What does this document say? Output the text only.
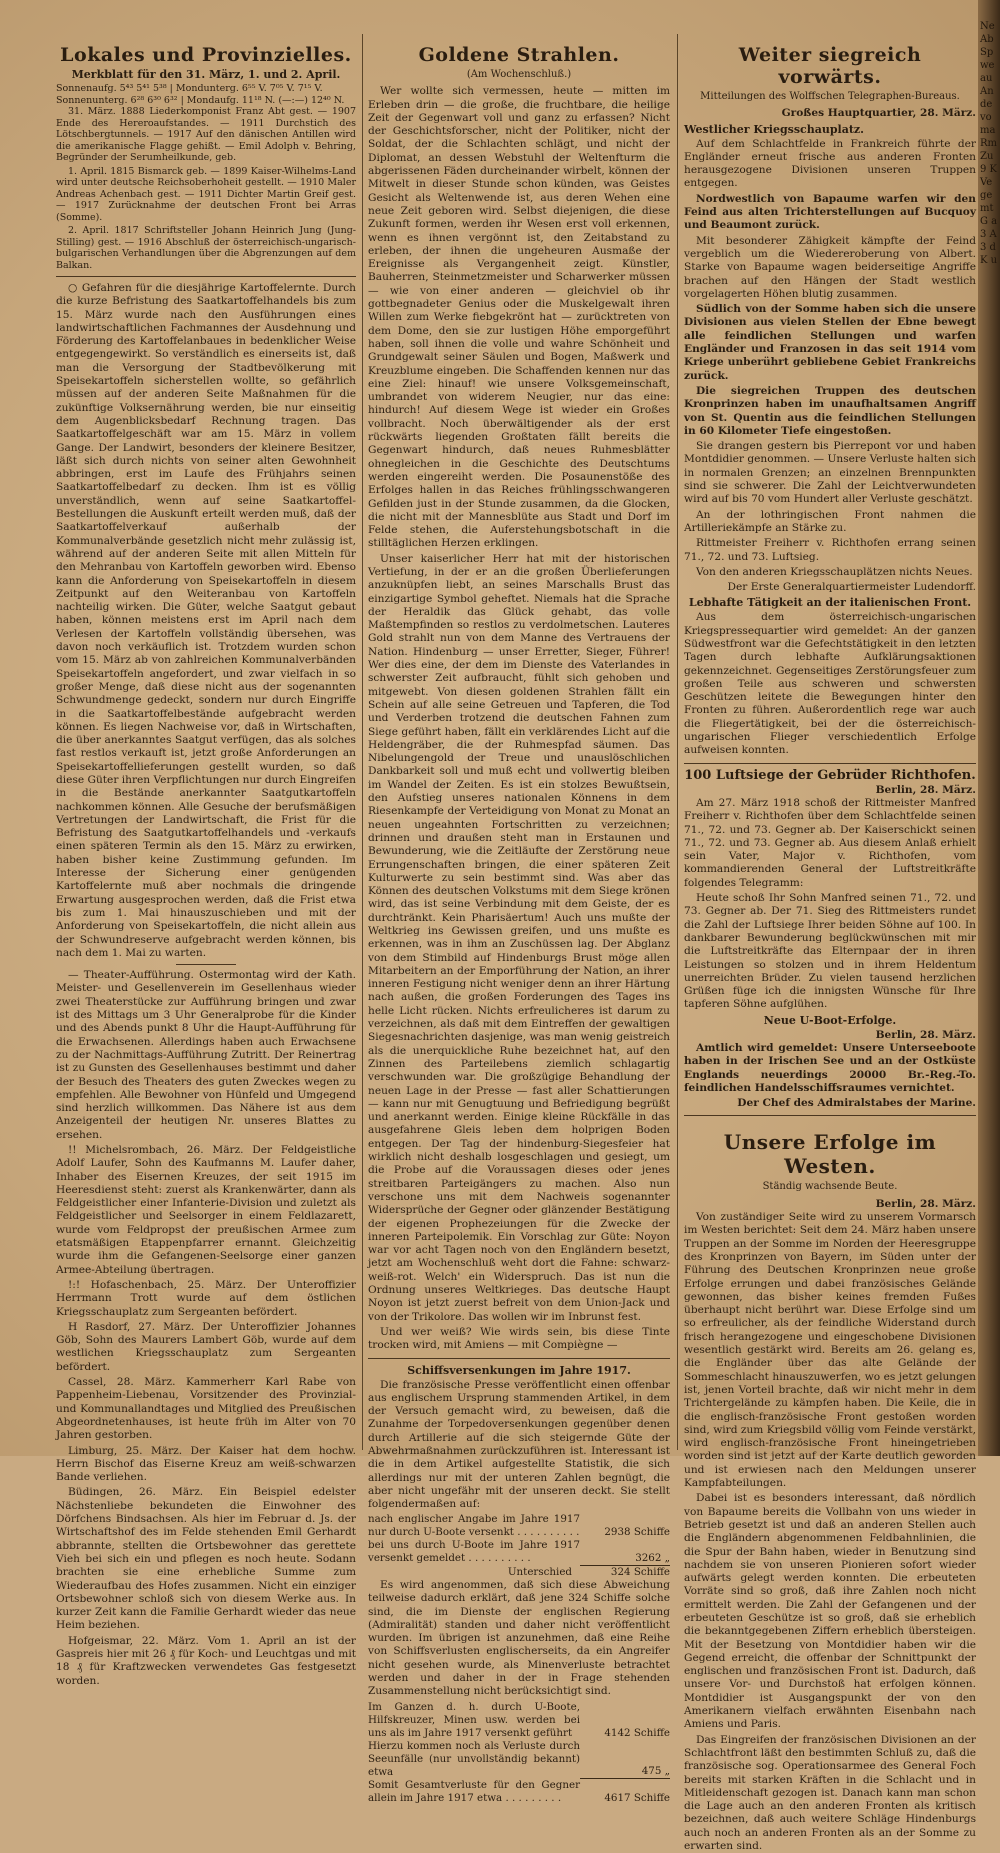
Lokales und Provinzielles.
Merkblatt für den 31. März, 1. und 2. April.
Sonnenaufg. 5⁴³ 5⁴¹ 5³⁸ | Mondunterg. 6⁵⁵ V. 7⁰⁵ V. 7¹⁵ V.
Sonnenunterg. 6²⁸ 6³⁰ 6³² | Mondaufg. 11¹⁸ N. (—:—) 12⁴⁰ N.

31. März. 1888 Liederkomponist Franz Abt gest. — 1907 Ende des Hereroaufstandes. — 1911 Durchstich des Lötschbergtunnels. — 1917 Auf den dänischen Antillen wird die amerikanische Flagge gehißt. — Emil Adolph v. Behring, Begründer der Serumheilkunde, geb.

1. April. 1815 Bismarck geb. — 1899 Kaiser-Wilhelms-Land wird unter deutsche Reichsoberhoheit gestellt. — 1910 Maler Andreas Achenbach gest. — 1911 Dichter Martin Greif gest. — 1917 Zurücknahme der deutschen Front bei Arras (Somme).

2. April. 1817 Schriftsteller Johann Heinrich Jung (Jung-Stilling) gest. — 1916 Abschluß der österreichisch-ungarisch-bulgarischen Verhandlungen über die Abgrenzungen auf dem Balkan.

○ Gefahren für die diesjährige Kartoffelernte. Durch die kurze Befristung des Saatkartoffelhandels bis zum 15. März wurde nach den Ausführungen eines landwirtschaftlichen Fachmannes der Ausdehnung und Förderung des Kartoffelanbaues in bedenklicher Weise entgegengewirkt. So verständlich es einerseits ist, daß man die Versorgung der Stadtbevölkerung mit Speisekartoffeln sicherstellen wollte, so gefährlich müssen auf der anderen Seite Maßnahmen für die zukünftige Volksernährung werden, bie nur einseitig dem Augenblicksbedarf Rechnung tragen. Das Saatkartoffelgeschäft war am 15. März in vollem Gange. Der Landwirt, besonders der kleinere Besitzer, läßt sich durch nichts von seiner alten Gewohnheit abbringen, erst im Laufe des Frühjahrs seinen Saatkartoffelbedarf zu decken. Ihm ist es völlig unverständlich, wenn auf seine Saatkartoffel-Bestellungen die Auskunft erteilt werden muß, daß der Saatkartoffelverkauf außerhalb der Kommunalverbände gesetzlich nicht mehr zulässig ist, während auf der anderen Seite mit allen Mitteln für den Mehranbau von Kartoffeln geworben wird. Ebenso kann die Anforderung von Speisekartoffeln in diesem Zeitpunkt auf den Weiteranbau von Kartoffeln nachteilig wirken. Die Güter, welche Saatgut gebaut haben, können meistens erst im April nach dem Verlesen der Kartoffeln vollständig übersehen, was davon noch verkäuflich ist. Trotzdem wurden schon vom 15. März ab von zahlreichen Kommunalverbänden Speisekartoffeln angefordert, und zwar vielfach in so großer Menge, daß diese nicht aus der sogenannten Schwundmenge gedeckt, sondern nur durch Eingriffe in die Saatkartoffelbestände aufgebracht werden können. Es liegen Nachweise vor, daß in Wirtschaften, die über anerkanntes Saatgut verfügen, das als solches fast restlos verkauft ist, jetzt große Anforderungen an Speisekartoffellieferungen gestellt wurden, so daß diese Güter ihren Verpflichtungen nur durch Eingreifen in die Bestände anerkannter Saatgutkartoffeln nachkommen können. Alle Gesuche der berufsmäßigen Vertretungen der Landwirtschaft, die Frist für die Befristung des Saatgutkartoffelhandels und -verkaufs einen späteren Termin als den 15. März zu erwirken, haben bisher keine Zustimmung gefunden. Im Interesse der Sicherung einer genügenden Kartoffelernte muß aber nochmals die dringende Erwartung ausgesprochen werden, daß die Frist etwa bis zum 1. Mai hinauszuschieben und mit der Anforderung von Speisekartoffeln, die nicht allein aus der Schwundreserve aufgebracht werden können, bis nach dem 1. Mai zu warten.

— Theater-Aufführung. Ostermontag wird der Kath. Meister- und Gesellenverein im Gesellenhaus wieder zwei Theaterstücke zur Aufführung bringen und zwar ist des Mittags um 3 Uhr Generalprobe für die Kinder und des Abends punkt 8 Uhr die Haupt-Aufführung für die Erwachsenen. Allerdings haben auch Erwachsene zu der Nachmittags-Aufführung Zutritt. Der Reinertrag ist zu Gunsten des Gesellenhauses bestimmt und daher der Besuch des Theaters des guten Zweckes wegen zu empfehlen. Alle Bewohner von Hünfeld und Umgegend sind herzlich willkommen. Das Nähere ist aus dem Anzeigenteil der heutigen Nr. unseres Blattes zu ersehen.

!! Michelsrombach, 26. März. Der Feldgeistliche Adolf Laufer, Sohn des Kaufmanns M. Laufer daher, Inhaber des Eisernen Kreuzes, der seit 1915 im Heeresdienst steht: zuerst als Krankenwärter, dann als Feldgeistlicher einer Infanterie-Division und zuletzt als Feldgeistlicher und Seelsorger in einem Feldlazarett, wurde vom Feldpropst der preußischen Armee zum etatsmäßigen Etappenpfarrer ernannt. Gleichzeitig wurde ihm die Gefangenen-Seelsorge einer ganzen Armee-Abteilung übertragen.

!:! Hofaschenbach, 25. März. Der Unteroffizier Herrmann Trott wurde auf dem östlichen Kriegsschauplatz zum Sergeanten befördert.

H Rasdorf, 27. März. Der Unteroffizier Johannes Göb, Sohn des Maurers Lambert Göb, wurde auf dem westlichen Kriegsschauplatz zum Sergeanten befördert.

Cassel, 28. März. Kammerherr Karl Rabe von Pappenheim-Liebenau, Vorsitzender des Provinzial- und Kommunallandtages und Mitglied des Preußischen Abgeordnetenhauses, ist heute früh im Alter von 70 Jahren gestorben.

Limburg, 25. März. Der Kaiser hat dem hochw. Herrn Bischof das Eiserne Kreuz am weiß-schwarzen Bande verliehen.

Büdingen, 26. März. Ein Beispiel edelster Nächstenliebe bekundeten die Einwohner des Dörfchens Bindsachsen. Als hier im Februar d. Js. der Wirtschaftshof des im Felde stehenden Emil Gerhardt abbrannte, stellten die Ortsbewohner das gerettete Vieh bei sich ein und pflegen es noch heute. Sodann brachten sie eine erhebliche Summe zum Wiederaufbau des Hofes zusammen. Nicht ein einziger Ortsbewohner schloß sich von diesem Werke aus. In kurzer Zeit kann die Familie Gerhardt wieder das neue Heim beziehen.

Hofgeismar, 22. März. Vom 1. April an ist der Gaspreis hier mit 26 ₰ für Koch- und Leuchtgas und mit 18 ₰ für Kraftzwecken verwendetes Gas festgesetzt worden.

Goldene Strahlen.
(Am Wochenschluß.)

Wer wollte sich vermessen, heute — mitten im Erleben drin — die große, die fruchtbare, die heilige Zeit der Gegenwart voll und ganz zu erfassen? Nicht der Geschichtsforscher, nicht der Politiker, nicht der Soldat, der die Schlachten schlägt, und nicht der Diplomat, an dessen Webstuhl der Weltenfturm die abgerissenen Fäden durcheinander wirbelt, können der Mitwelt in dieser Stunde schon künden, was Geistes Gesicht als Weltenwende ist, aus deren Wehen eine neue Zeit geboren wird. Selbst diejenigen, die diese Zukunft formen, werden ihr Wesen erst voll erkennen, wenn es ihnen vergönnt ist, den Zeitabstand zu erleben, der ihnen die ungeheuren Ausmaße der Ereignisse als Vergangenheit zeigt. Künstler, Bauherren, Steinmetzmeister und Scharwerker müssen — wie von einer anderen — gleichviel ob ihr gottbegnadeter Genius oder die Muskelgewalt ihren Willen zum Werke fiebgekrönt hat — zurücktreten von dem Dome, den sie zur lustigen Höhe emporgeführt haben, soll ihnen die volle und wahre Schönheit und Grundgewalt seiner Säulen und Bogen, Maßwerk und Kreuzblume eingeben. Die Schaffenden kennen nur das eine Ziel: hinauf! wie unsere Volksgemeinschaft, umbrandet von widerem Neugier, nur das eine: hindurch! Auf diesem Wege ist wieder ein Großes vollbracht. Noch überwältigender als der erst rückwärts liegenden Großtaten fällt bereits die Gegenwart hindurch, daß neues Ruhmesblätter ohnegleichen in die Geschichte des Deutschtums werden eingereiht werden. Die Posaunenstöße des Erfolges hallen in das Reiches frühlingsschwangeren Gefilden just in der Stunde zusammen, da die Glocken, die nicht mit der Mannesblüte aus Stadt und Dorf im Felde stehen, die Auferstehungsbotschaft in die stilltäglichen Herzen erklingen.

Unser kaiserlicher Herr hat mit der historischen Vertiefung, in der er an die großen Überlieferungen anzuknüpfen liebt, an seines Marschalls Brust das einzigartige Symbol geheftet. Niemals hat die Sprache der Heraldik das Glück gehabt, das volle Maßtempfinden so restlos zu verdolmetschen. Lauteres Gold strahlt nun von dem Manne des Vertrauens der Nation. Hindenburg — unser Erretter, Sieger, Führer! Wer dies eine, der dem im Dienste des Vaterlandes in schwerster Zeit aufbraucht, fühlt sich gehoben und mitgewebt. Von diesen goldenen Strahlen fällt ein Schein auf alle seine Getreuen und Tapferen, die Tod und Verderben trotzend die deutschen Fahnen zum Siege geführt haben, fällt ein verklärendes Licht auf die Heldengräber, die der Ruhmespfad säumen. Das Nibelungengold der Treue und unauslöschlichen Dankbarkeit soll und muß echt und vollwertig bleiben im Wandel der Zeiten. Es ist ein stolzes Bewußtsein, den Aufstieg unseres nationalen Könnens in dem Riesenkampfe der Verteidigung von Monat zu Monat an neuen ungeahnten Fortschritten zu verzeichnen; drinnen und draußen steht man in Erstaunen und Bewunderung, wie die Zeitläufte der Zerstörung neue Errungenschaften bringen, die einer späteren Zeit Kulturwerte zu sein bestimmt sind. Was aber das Können des deutschen Volkstums mit dem Siege krönen wird, das ist seine Verbindung mit dem Geiste, der es durchtränkt. Kein Pharisäertum! Auch uns mußte der Weltkrieg ins Gewissen greifen, und uns mußte es erkennen, was in ihm an Zuschüssen lag. Der Abglanz von dem Stimbild auf Hindenburgs Brust möge allen Mitarbeitern an der Emporführung der Nation, an ihrer inneren Festigung nicht weniger denn an ihrer Härtung nach außen, die großen Forderungen des Tages ins helle Licht rücken. Nichts erfreulicheres ist darum zu verzeichnen, als daß mit dem Eintreffen der gewaltigen Siegesnachrichten dasjenige, was man wenig geistreich als die unerquickliche Ruhe bezeichnet hat, auf den Zinnen des Parteilebens ziemlich schlagartig verschwunden war. Die großzügige Behandlung der neuen Lage in der Presse — fast aller Schattierungen — kann nur mit Genugtuung und Befriedigung begrüßt und anerkannt werden. Einige kleine Rückfälle in das ausgefahrene Gleis leben dem holprigen Boden entgegen. Der Tag der hindenburg-Siegesfeier hat wirklich nicht deshalb losgeschlagen und gesiegt, um die Probe auf die Voraussagen dieses oder jenes streitbaren Parteigängers zu machen. Also nun verschone uns mit dem Nachweis sogenannter Widersprüche der Gegner oder glänzender Bestätigung der eigenen Prophezeiungen für die Zwecke der inneren Parteipolemik. Ein Vorschlag zur Güte: Noyon war vor acht Tagen noch von den Engländern besetzt, jetzt am Wochenschluß weht dort die Fahne: schwarz-weiß-rot. Welch' ein Widerspruch. Das ist nun die Ordnung unseres Weltkrieges. Das deutsche Haupt Noyon ist jetzt zuerst befreit von dem Union-Jack und von der Trikolore. Das wollen wir im Inbrunst fest.

Und wer weiß? Wie wirds sein, bis diese Tinte trocken wird, mit Amiens — mit Compiègne —

Schiffsversenkungen im Jahre 1917.

Die französische Presse veröffentlicht einen offenbar aus englischem Ursprung stammenden Artikel, in dem der Versuch gemacht wird, zu beweisen, daß die Zunahme der Torpedoversenkungen gegenüber denen durch Artillerie auf die sich steigernde Güte der Abwehrmaßnahmen zurückzuführen ist. Interessant ist die in dem Artikel aufgestellte Statistik, die sich allerdings nur mit der unteren Zahlen begnügt, die aber nicht ungefähr mit der unseren deckt. Sie stellt folgendermaßen auf:

nach englischer Angabe im Jahre 1917 nur durch U-Boote versenkt . . . . . . . . . .	2938 Schiffe
bei uns durch U-Boote im Jahre 1917 versenkt gemeldet . . . . . . . . . .	3262 „
Unterschied	324 Schiffe

Es wird angenommen, daß sich diese Abweichung teilweise dadurch erklärt, daß jene 324 Schiffe solche sind, die im Dienste der englischen Regierung (Admiralität) standen und daher nicht veröffentlicht wurden. Im übrigen ist anzunehmen, daß eine Reihe von Schiffsverlusten englischerseits, da ein Angreifer nicht gesehen wurde, als Minenverluste betrachtet werden und daher in der in Frage stehenden Zusammenstellung nicht berücksichtigt sind.

Im Ganzen d. h. durch U-Boote, Hilfskreuzer, Minen usw. werden bei uns als im Jahre 1917 versenkt geführt	4142 Schiffe
Hierzu kommen noch als Verluste durch Seeunfälle (nur unvollständig bekannt) etwa	475 „
Somit Gesamtverluste für den Gegner allein im Jahre 1917 etwa . . . . . . . . .	4617 Schiffe
Weiter siegreich vorwärts.
Mitteilungen des Wolffschen Telegraphen-Bureaus.
Großes Hauptquartier, 28. März.
Westlicher Kriegsschauplatz.

Auf dem Schlachtfelde in Frankreich führte der Engländer erneut frische aus anderen Fronten herausgezogene Divisionen unseren Truppen entgegen.

Nordwestlich von Bapaume warfen wir den Feind aus alten Trichterstellungen auf Bucquoy und Beaumont zurück.

Mit besonderer Zähigkeit kämpfte der Feind vergeblich um die Wiedereroberung von Albert. Starke von Bapaume wagen beiderseitige Angriffe brachen auf den Hängen der Stadt westlich vorgelagerten Höhen blutig zusammen.

Südlich von der Somme haben sich die unsere Divisionen aus vielen Stellen der Ebne bewegt alle feindlichen Stellungen und warfen Engländer und Franzosen in das seit 1914 vom Kriege unberührt gebliebene Gebiet Frankreichs zurück.

Die siegreichen Truppen des deutschen Kronprinzen haben im unaufhaltsamen Angriff von St. Quentin aus die feindlichen Stellungen in 60 Kilometer Tiefe eingestoßen.

Sie drangen gestern bis Pierrepont vor und haben Montdidier genommen. — Unsere Verluste halten sich in normalen Grenzen; an einzelnen Brennpunkten sind sie schwerer. Die Zahl der Leichtverwundeten wird auf bis 70 vom Hundert aller Verluste geschätzt.

An der lothringischen Front nahmen die Artilleriekämpfe an Stärke zu.

Rittmeister Freiherr v. Richthofen errang seinen 71., 72. und 73. Luftsieg.

Von den anderen Kriegsschauplätzen nichts Neues.

Der Erste Generalquartiermeister Ludendorff.

Lebhafte Tätigkeit an der italienischen Front.

Aus dem österreichisch-ungarischen Kriegspressequartier wird gemeldet: An der ganzen Südwestfront war die Gefechtstätigkeit in den letzten Tagen durch lebhafte Aufklärungsaktionen gekennzeichnet. Gegenseitiges Zerstörungsfeuer zum großen Teile aus schweren und schwersten Geschützen leitete die Bewegungen hinter den Fronten zu führen. Außerordentlich rege war auch die Fliegertätigkeit, bei der die österreichisch-ungarischen Flieger verschiedentlich Erfolge aufweisen konnten.

100 Luftsiege der Gebrüder Richthofen.
Berlin, 28. März.

Am 27. März 1918 schoß der Rittmeister Manfred Freiherr v. Richthofen über dem Schlachtfelde seinen 71., 72. und 73. Gegner ab. Der Kaiserschickt seinen 71., 72. und 73. Gegner ab. Aus diesem Anlaß erhielt sein Vater, Major v. Richthofen, vom kommandierenden General der Luftstreitkräfte folgendes Telegramm:

Heute schoß Ihr Sohn Manfred seinen 71., 72. und 73. Gegner ab. Der 71. Sieg des Rittmeisters rundet die Zahl der Luftsiege Ihrer beiden Söhne auf 100. In dankbarer Bewunderung beglückwünschen mit mir die Luftstreitkräfte das Elternpaar der in ihren Leistungen so stolzen und in ihrem Heldentum unerreichten Brüder. Zu vielen tausend herzlichen Grüßen füge ich die innigsten Wünsche für Ihre tapferen Söhne aufglühen.

Neue U-Boot-Erfolge.
Berlin, 28. März.

Amtlich wird gemeldet: Unsere Unterseeboote haben in der Irischen See und an der Ostküste Englands neuerdings 20000 Br.-Reg.-To. feindlichen Handelsschiffsraumes vernichtet.

Der Chef des Admiralstabes der Marine.

Unsere Erfolge im Westen.
Ständig wachsende Beute.
Berlin, 28. März.

Von zuständiger Seite wird zu unserem Vormarsch im Westen berichtet: Seit dem 24. März haben unsere Truppen an der Somme im Norden der Heeresgruppe des Kronprinzen von Bayern, im Süden unter der Führung des Deutschen Kronprinzen neue große Erfolge errungen und dabei französisches Gelände gewonnen, das bisher keines fremden Fußes überhaupt nicht berührt war. Diese Erfolge sind um so erfreulicher, als der feindliche Widerstand durch frisch herangezogene und eingeschobene Divisionen wesentlich gestärkt wird. Bereits am 26. gelang es, die Engländer über das alte Gelände der Sommeschlacht hinauszuwerfen, wo es jetzt gelungen ist, jenen Vorteil brachte, daß wir nicht mehr in dem Trichtergelände zu kämpfen haben. Die Keile, die in die englisch-französische Front gestoßen worden sind, wird zum Kriegsbild völlig vom Feinde verstärkt, wird englisch-französische Front hineingetrieben worden sind ist jetzt auf der Karte deutlich geworden und ist erwiesen nach den Meldungen unserer Kampfabteilungen.

Dabei ist es besonders interessant, daß nördlich von Bapaume bereits die Vollbahn von uns wieder in Betrieb gesetzt ist und daß an anderen Stellen auch die Engländern abgenommenen Feldbahnlinien, die die Spur der Bahn haben, wieder in Benutzung sind nachdem sie von unseren Pionieren sofort wieder aufwärts gelegt werden konnten. Die erbeuteten Vorräte sind so groß, daß ihre Zahlen noch nicht ermittelt werden. Die Zahl der Gefangenen und der erbeuteten Geschütze ist so groß, daß sie erheblich die bekanntgegebenen Ziffern erheblich übersteigen. Mit der Besetzung von Montdidier haben wir die Gegend erreicht, die offenbar der Schnittpunkt der englischen und französischen Front ist. Dadurch, daß unsere Vor- und Durchstoß hat erfolgen können. Montdidier ist Ausgangspunkt der von den Amerikanern vielfach erwähnten Eisenbahn nach Amiens und Paris.

Das Eingreifen der französischen Divisionen an der Schlachtfront läßt den bestimmten Schluß zu, daß die französische sog. Operationsarmee des General Foch bereits mit starken Kräften in die Schlacht und in Mitleidenschaft gezogen ist. Danach kann man schon die Lage auch an den anderen Fronten als kritisch bezeichnen, daß auch weitere Schläge Hindenburgs auch noch an anderen Fronten als an der Somme zu erwarten sind.

Ne Ab Sp we au An de vo ma Rm Zu 9 K Ve ge mt G a 3 A 3 d K u
